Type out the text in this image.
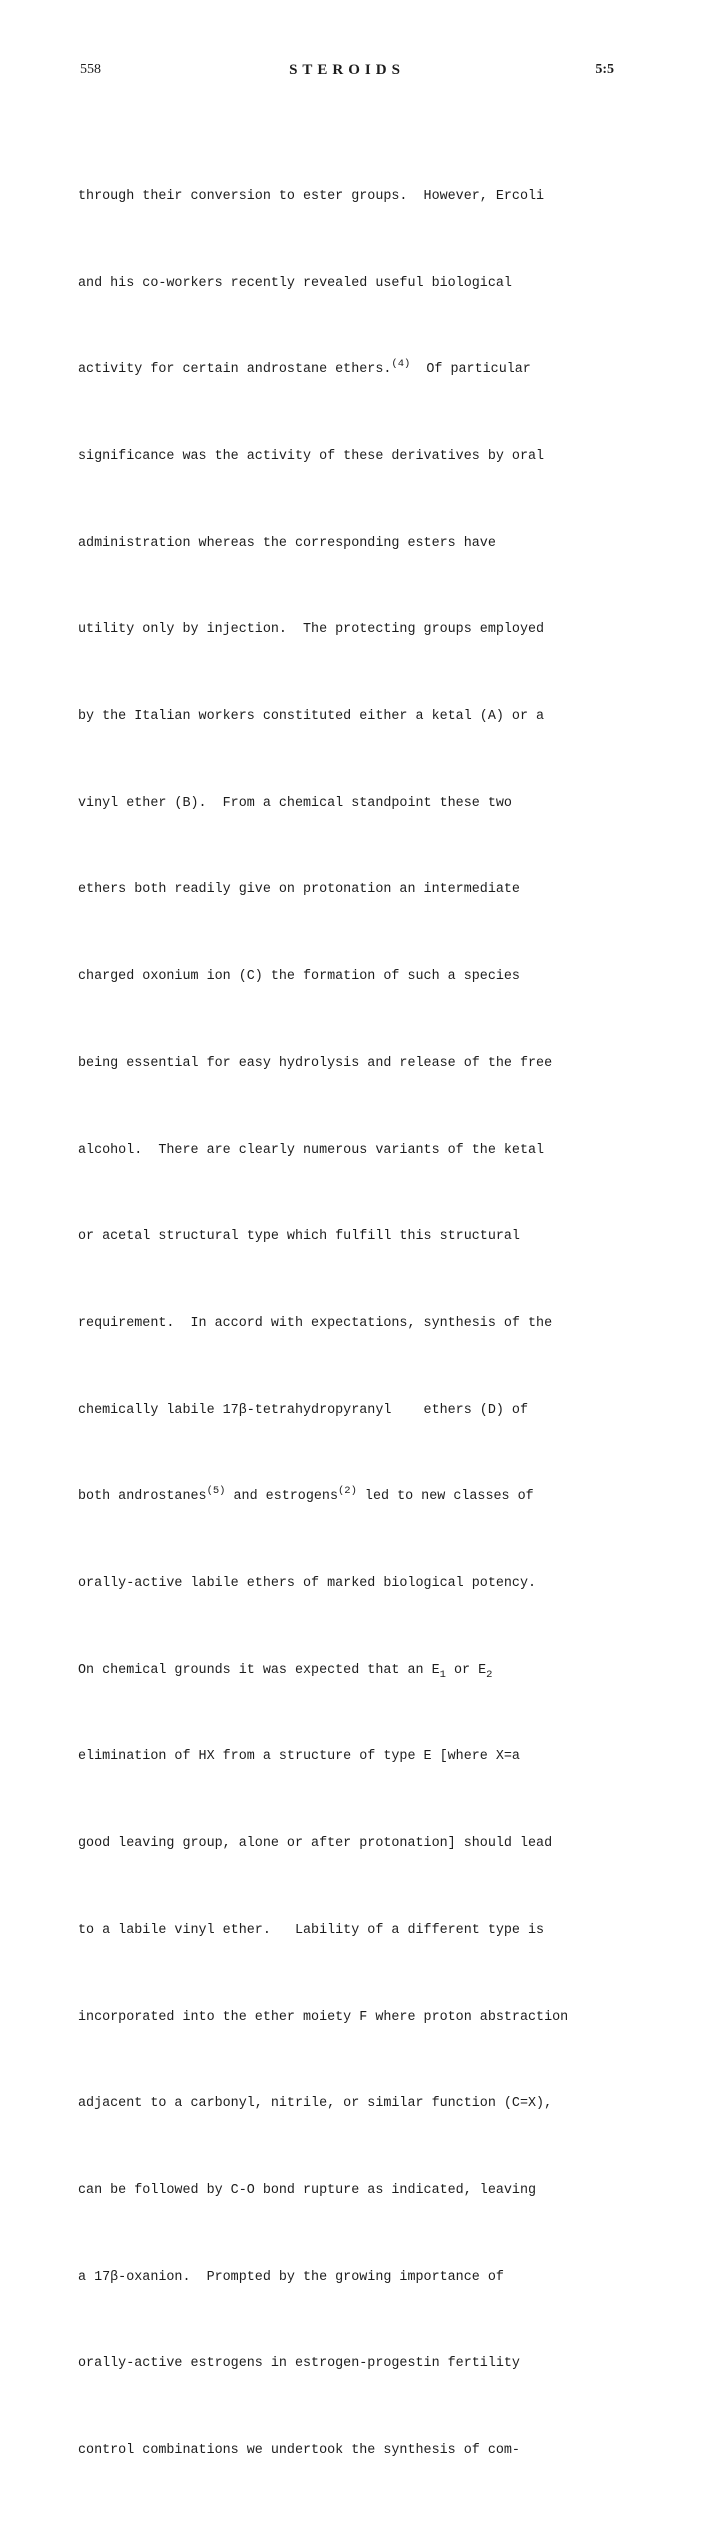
558	STEROIDS	5:5

through their conversion to ester groups.  However, Ercoli

and his co-workers recently revealed useful biological

activity for certain androstane ethers.$^{(4)}$  Of particular

significance was the activity of these derivatives by oral

administration whereas the corresponding esters have

utility only by injection.  The protecting groups employed

by the Italian workers constituted either a ketal (A) or a

vinyl ether (B).  From a chemical standpoint these two

ethers both readily give on protonation an intermediate

charged oxonium ion (C) the formation of such a species

being essential for easy hydrolysis and release of the free

alcohol.  There are clearly numerous variants of the ketal

or acetal structural type which fulfill this structural

requirement.  In accord with expectations, synthesis of the

chemically labile 17β-tetrahydropyranyl    ethers (D) of

both androstanes$^{(5)}$ and estrogens$^{(2)}$ led to new classes of

orally-active labile ethers of marked biological potency.

On chemical grounds it was expected that an $E_1$ or $E_2$

elimination of HX from a structure of type E [where X=a

good leaving group, alone or after protonation] should lead

to a labile vinyl ether.   Lability of a different type is

incorporated into the ether moiety F where proton abstraction

adjacent to a carbonyl, nitrile, or similar function (C=X),

can be followed by C-O bond rupture as indicated, leaving

a 17β-oxanion.  Prompted by the growing importance of

orally-active estrogens in estrogen-progestin fertility

control combinations we undertook the synthesis of com-
